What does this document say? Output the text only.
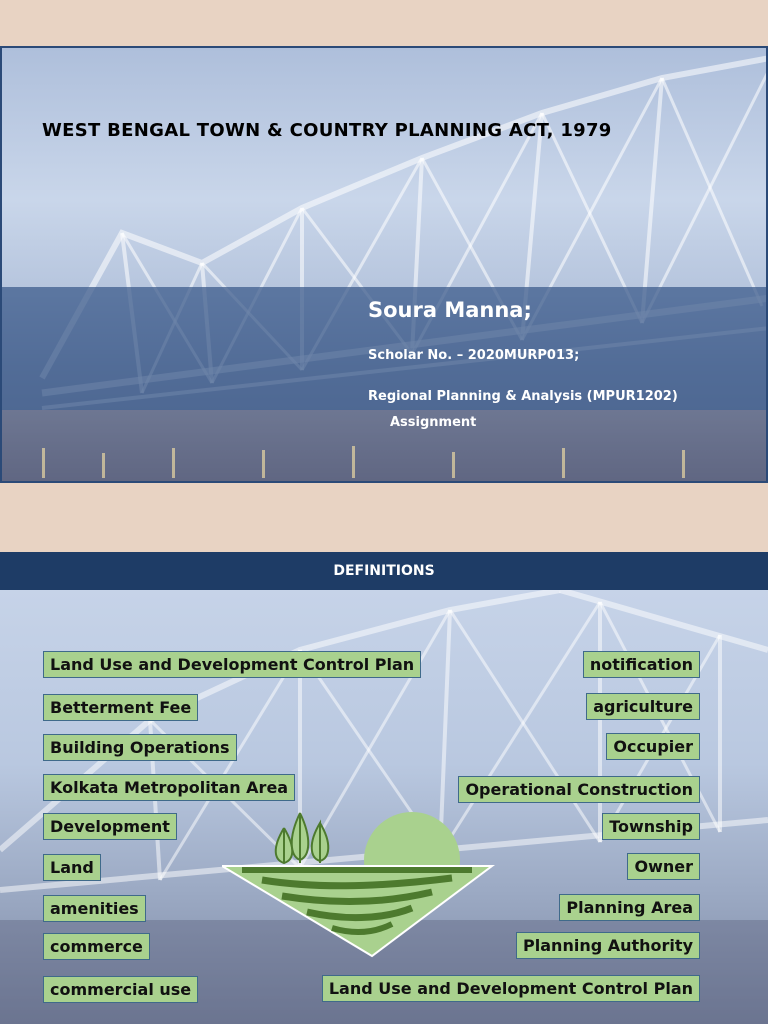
WEST BENGAL TOWN & COUNTRY PLANNING ACT, 1979
Soura Manna;
Scholar No. – 2020MURP013;
Regional Planning & Analysis (MPUR1202)
Assignment
DEFINITIONS
Land Use and Development Control Plan
Betterment Fee
Building Operations
Kolkata Metropolitan Area
Development
Land
amenities
commerce
commercial use
notification
agriculture
Occupier
Operational Construction
Township
Owner
Planning Area
Planning Authority
Land Use and Development Control Plan
